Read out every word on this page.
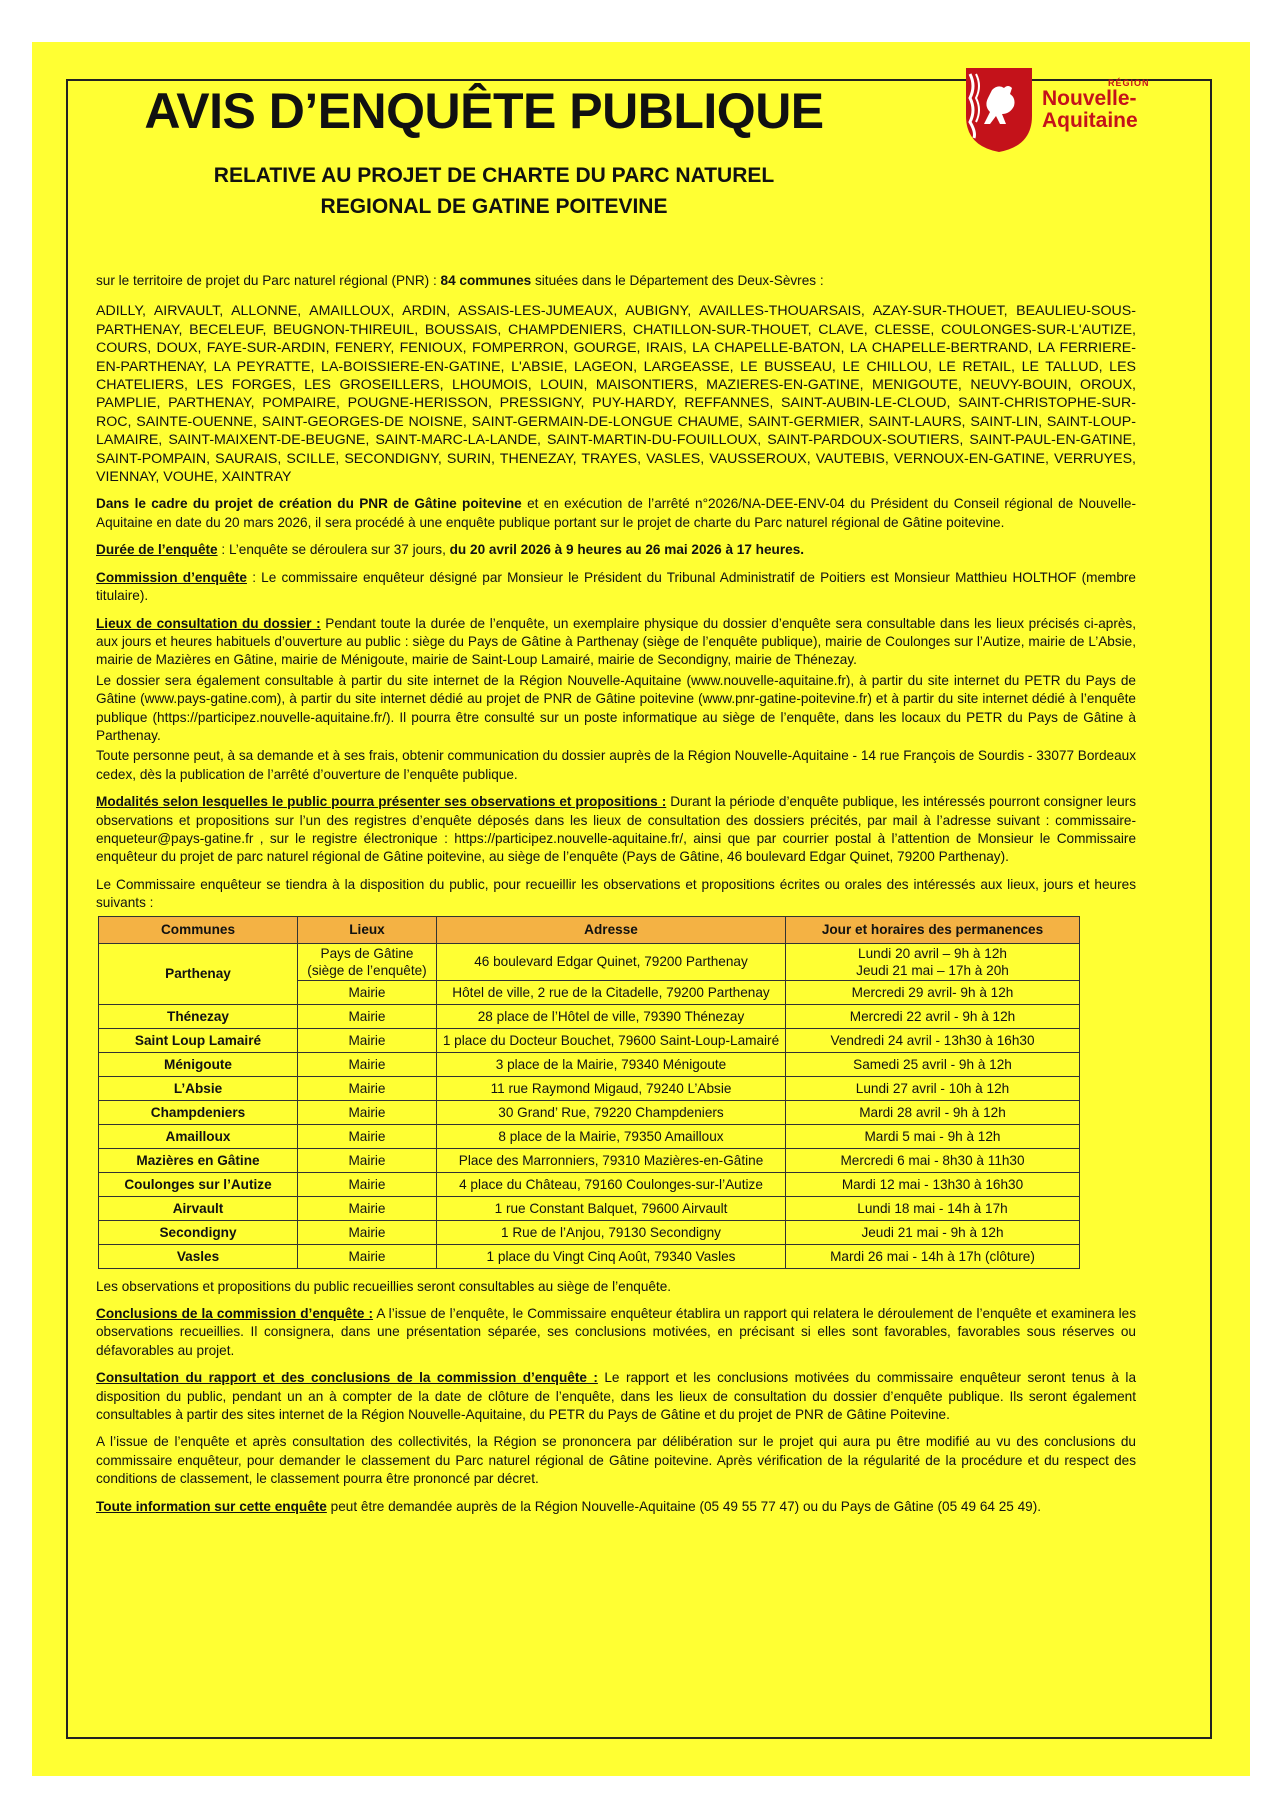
AVIS D’ENQUÊTE PUBLIQUE
RELATIVE AU PROJET DE CHARTE DU PARC NATUREL
REGIONAL DE GATINE POITEVINE
RÉGION
Nouvelle-
Aquitaine

sur le territoire de projet du Parc naturel régional (PNR) : 84 communes situées dans le Département des Deux-Sèvres :

ADILLY, AIRVAULT, ALLONNE, AMAILLOUX, ARDIN, ASSAIS-LES-JUMEAUX, AUBIGNY, AVAILLES-THOUARSAIS, AZAY-SUR-THOUET, BEAULIEU-SOUS-PARTHENAY, BECELEUF, BEUGNON-THIREUIL, BOUSSAIS, CHAMPDENIERS, CHATILLON-SUR-THOUET, CLAVE, CLESSE, COULONGES-SUR-L'AUTIZE, COURS, DOUX, FAYE-SUR-ARDIN, FENERY, FENIOUX, FOMPERRON, GOURGE, IRAIS, LA CHAPELLE-BATON, LA CHAPELLE-BERTRAND, LA FERRIERE-EN-PARTHENAY, LA PEYRATTE, LA-BOISSIERE-EN-GATINE, L'ABSIE, LAGEON, LARGEASSE, LE BUSSEAU, LE CHILLOU, LE RETAIL, LE TALLUD, LES CHATELIERS, LES FORGES, LES GROSEILLERS, LHOUMOIS, LOUIN, MAISONTIERS, MAZIERES-EN-GATINE, MENIGOUTE, NEUVY-BOUIN, OROUX, PAMPLIE, PARTHENAY, POMPAIRE, POUGNE-HERISSON, PRESSIGNY, PUY-HARDY, REFFANNES, SAINT-AUBIN-LE-CLOUD, SAINT-CHRISTOPHE-SUR-ROC, SAINTE-OUENNE, SAINT-GEORGES-DE NOISNE, SAINT-GERMAIN-DE-LONGUE CHAUME, SAINT-GERMIER, SAINT-LAURS, SAINT-LIN, SAINT-LOUP-LAMAIRE, SAINT-MAIXENT-DE-BEUGNE, SAINT-MARC-LA-LANDE, SAINT-MARTIN-DU-FOUILLOUX, SAINT-PARDOUX-SOUTIERS, SAINT-PAUL-EN-GATINE, SAINT-POMPAIN, SAURAIS, SCILLE, SECONDIGNY, SURIN, THENEZAY, TRAYES, VASLES, VAUSSEROUX, VAUTEBIS, VERNOUX-EN-GATINE, VERRUYES, VIENNAY, VOUHE, XAINTRAY

Dans le cadre du projet de création du PNR de Gâtine poitevine et en exécution de l’arrêté n°2026/NA-DEE-ENV-04 du Président du Conseil régional de Nouvelle-Aquitaine en date du 20 mars 2026, il sera procédé à une enquête publique portant sur le projet de charte du Parc naturel régional de Gâtine poitevine.

Durée de l’enquête : L’enquête se déroulera sur 37 jours, du 20 avril 2026 à 9 heures au 26 mai 2026 à 17 heures.

Commission d’enquête : Le commissaire enquêteur désigné par Monsieur le Président du Tribunal Administratif de Poitiers est Monsieur Matthieu HOLTHOF (membre titulaire).

Lieux de consultation du dossier : Pendant toute la durée de l’enquête, un exemplaire physique du dossier d’enquête sera consultable dans les lieux précisés ci-après, aux jours et heures habituels d’ouverture au public : siège du Pays de Gâtine à Parthenay (siège de l’enquête publique), mairie de Coulonges sur l’Autize, mairie de L’Absie, mairie de Mazières en Gâtine, mairie de Ménigoute, mairie de Saint-Loup Lamairé, mairie de Secondigny, mairie de Thénezay.

Le dossier sera également consultable à partir du site internet de la Région Nouvelle-Aquitaine (www.nouvelle-aquitaine.fr), à partir du site internet du PETR du Pays de Gâtine (www.pays-gatine.com), à partir du site internet dédié au projet de PNR de Gâtine poitevine (www.pnr-gatine-poitevine.fr) et à partir du site internet dédié à l’enquête publique (https://participez.nouvelle-aquitaine.fr/). Il pourra être consulté sur un poste informatique au siège de l’enquête, dans les locaux du PETR du Pays de Gâtine à Parthenay.

Toute personne peut, à sa demande et à ses frais, obtenir communication du dossier auprès de la Région Nouvelle-Aquitaine - 14 rue François de Sourdis - 33077 Bordeaux cedex, dès la publication de l’arrêté d’ouverture de l’enquête publique.

Modalités selon lesquelles le public pourra présenter ses observations et propositions : Durant la période d’enquête publique, les intéressés pourront consigner leurs observations et propositions sur l’un des registres d’enquête déposés dans les lieux de consultation des dossiers précités, par mail à l’adresse suivant : commissaire-enqueteur@pays-gatine.fr , sur le registre électronique : https://participez.nouvelle-aquitaine.fr/, ainsi que par courrier postal à l’attention de Monsieur le Commissaire enquêteur du projet de parc naturel régional de Gâtine poitevine, au siège de l’enquête (Pays de Gâtine, 46 boulevard Edgar Quinet, 79200 Parthenay).

Le Commissaire enquêteur se tiendra à la disposition du public, pour recueillir les observations et propositions écrites ou orales des intéressés aux lieux, jours et heures suivants :

Communes	Lieux	Adresse	Jour et horaires des permanences
Parthenay	Pays de Gâtine (siège de l’enquête)	46 boulevard Edgar Quinet, 79200 Parthenay	Lundi 20 avril – 9h à 12h
Jeudi 21 mai – 17h à 20h

	Mairie	Hôtel de ville, 2 rue de la Citadelle, 79200 Parthenay	Mercredi 29 avril- 9h à 12h
Thénezay	Mairie	28 place de l’Hôtel de ville, 79390 Thénezay	Mercredi 22 avril - 9h à 12h
Saint Loup Lamairé	Mairie	1 place du Docteur Bouchet, 79600 Saint-Loup-Lamairé	Vendredi 24 avril - 13h30 à 16h30
Ménigoute	Mairie	3 place de la Mairie, 79340 Ménigoute	Samedi 25 avril - 9h à 12h
L’Absie	Mairie	11 rue Raymond Migaud, 79240 L’Absie	Lundi 27 avril - 10h à 12h
Champdeniers	Mairie	30 Grand’ Rue, 79220 Champdeniers	Mardi 28 avril - 9h à 12h
Amailloux	Mairie	8 place de la Mairie, 79350 Amailloux	Mardi 5 mai - 9h à 12h
Mazières en Gâtine	Mairie	Place des Marronniers, 79310 Mazières-en-Gâtine	Mercredi 6 mai - 8h30 à 11h30
Coulonges sur l’Autize	Mairie	4 place du Château, 79160 Coulonges-sur-l’Autize	Mardi 12 mai - 13h30 à 16h30
Airvault	Mairie	1 rue Constant Balquet, 79600 Airvault	Lundi 18 mai - 14h à 17h
Secondigny	Mairie	1 Rue de l’Anjou, 79130 Secondigny	Jeudi 21 mai - 9h à 12h
Vasles	Mairie	1 place du Vingt Cinq Août, 79340 Vasles	Mardi 26 mai - 14h à 17h (clôture)

Les observations et propositions du public recueillies seront consultables au siège de l’enquête.

Conclusions de la commission d’enquête : A l’issue de l’enquête, le Commissaire enquêteur établira un rapport qui relatera le déroulement de l’enquête et examinera les observations recueillies. Il consignera, dans une présentation séparée, ses conclusions motivées, en précisant si elles sont favorables, favorables sous réserves ou défavorables au projet.

Consultation du rapport et des conclusions de la commission d’enquête : Le rapport et les conclusions motivées du commissaire enquêteur seront tenus à la disposition du public, pendant un an à compter de la date de clôture de l’enquête, dans les lieux de consultation du dossier d’enquête publique. Ils seront également consultables à partir des sites internet de la Région Nouvelle-Aquitaine, du PETR du Pays de Gâtine et du projet de PNR de Gâtine Poitevine.

A l’issue de l’enquête et après consultation des collectivités, la Région se prononcera par délibération sur le projet qui aura pu être modifié au vu des conclusions du commissaire enquêteur, pour demander le classement du Parc naturel régional de Gâtine poitevine. Après vérification de la régularité de la procédure et du respect des conditions de classement, le classement pourra être prononcé par décret.

Toute information sur cette enquête peut être demandée auprès de la Région Nouvelle-Aquitaine (05 49 55 77 47) ou du Pays de Gâtine (05 49 64 25 49).
